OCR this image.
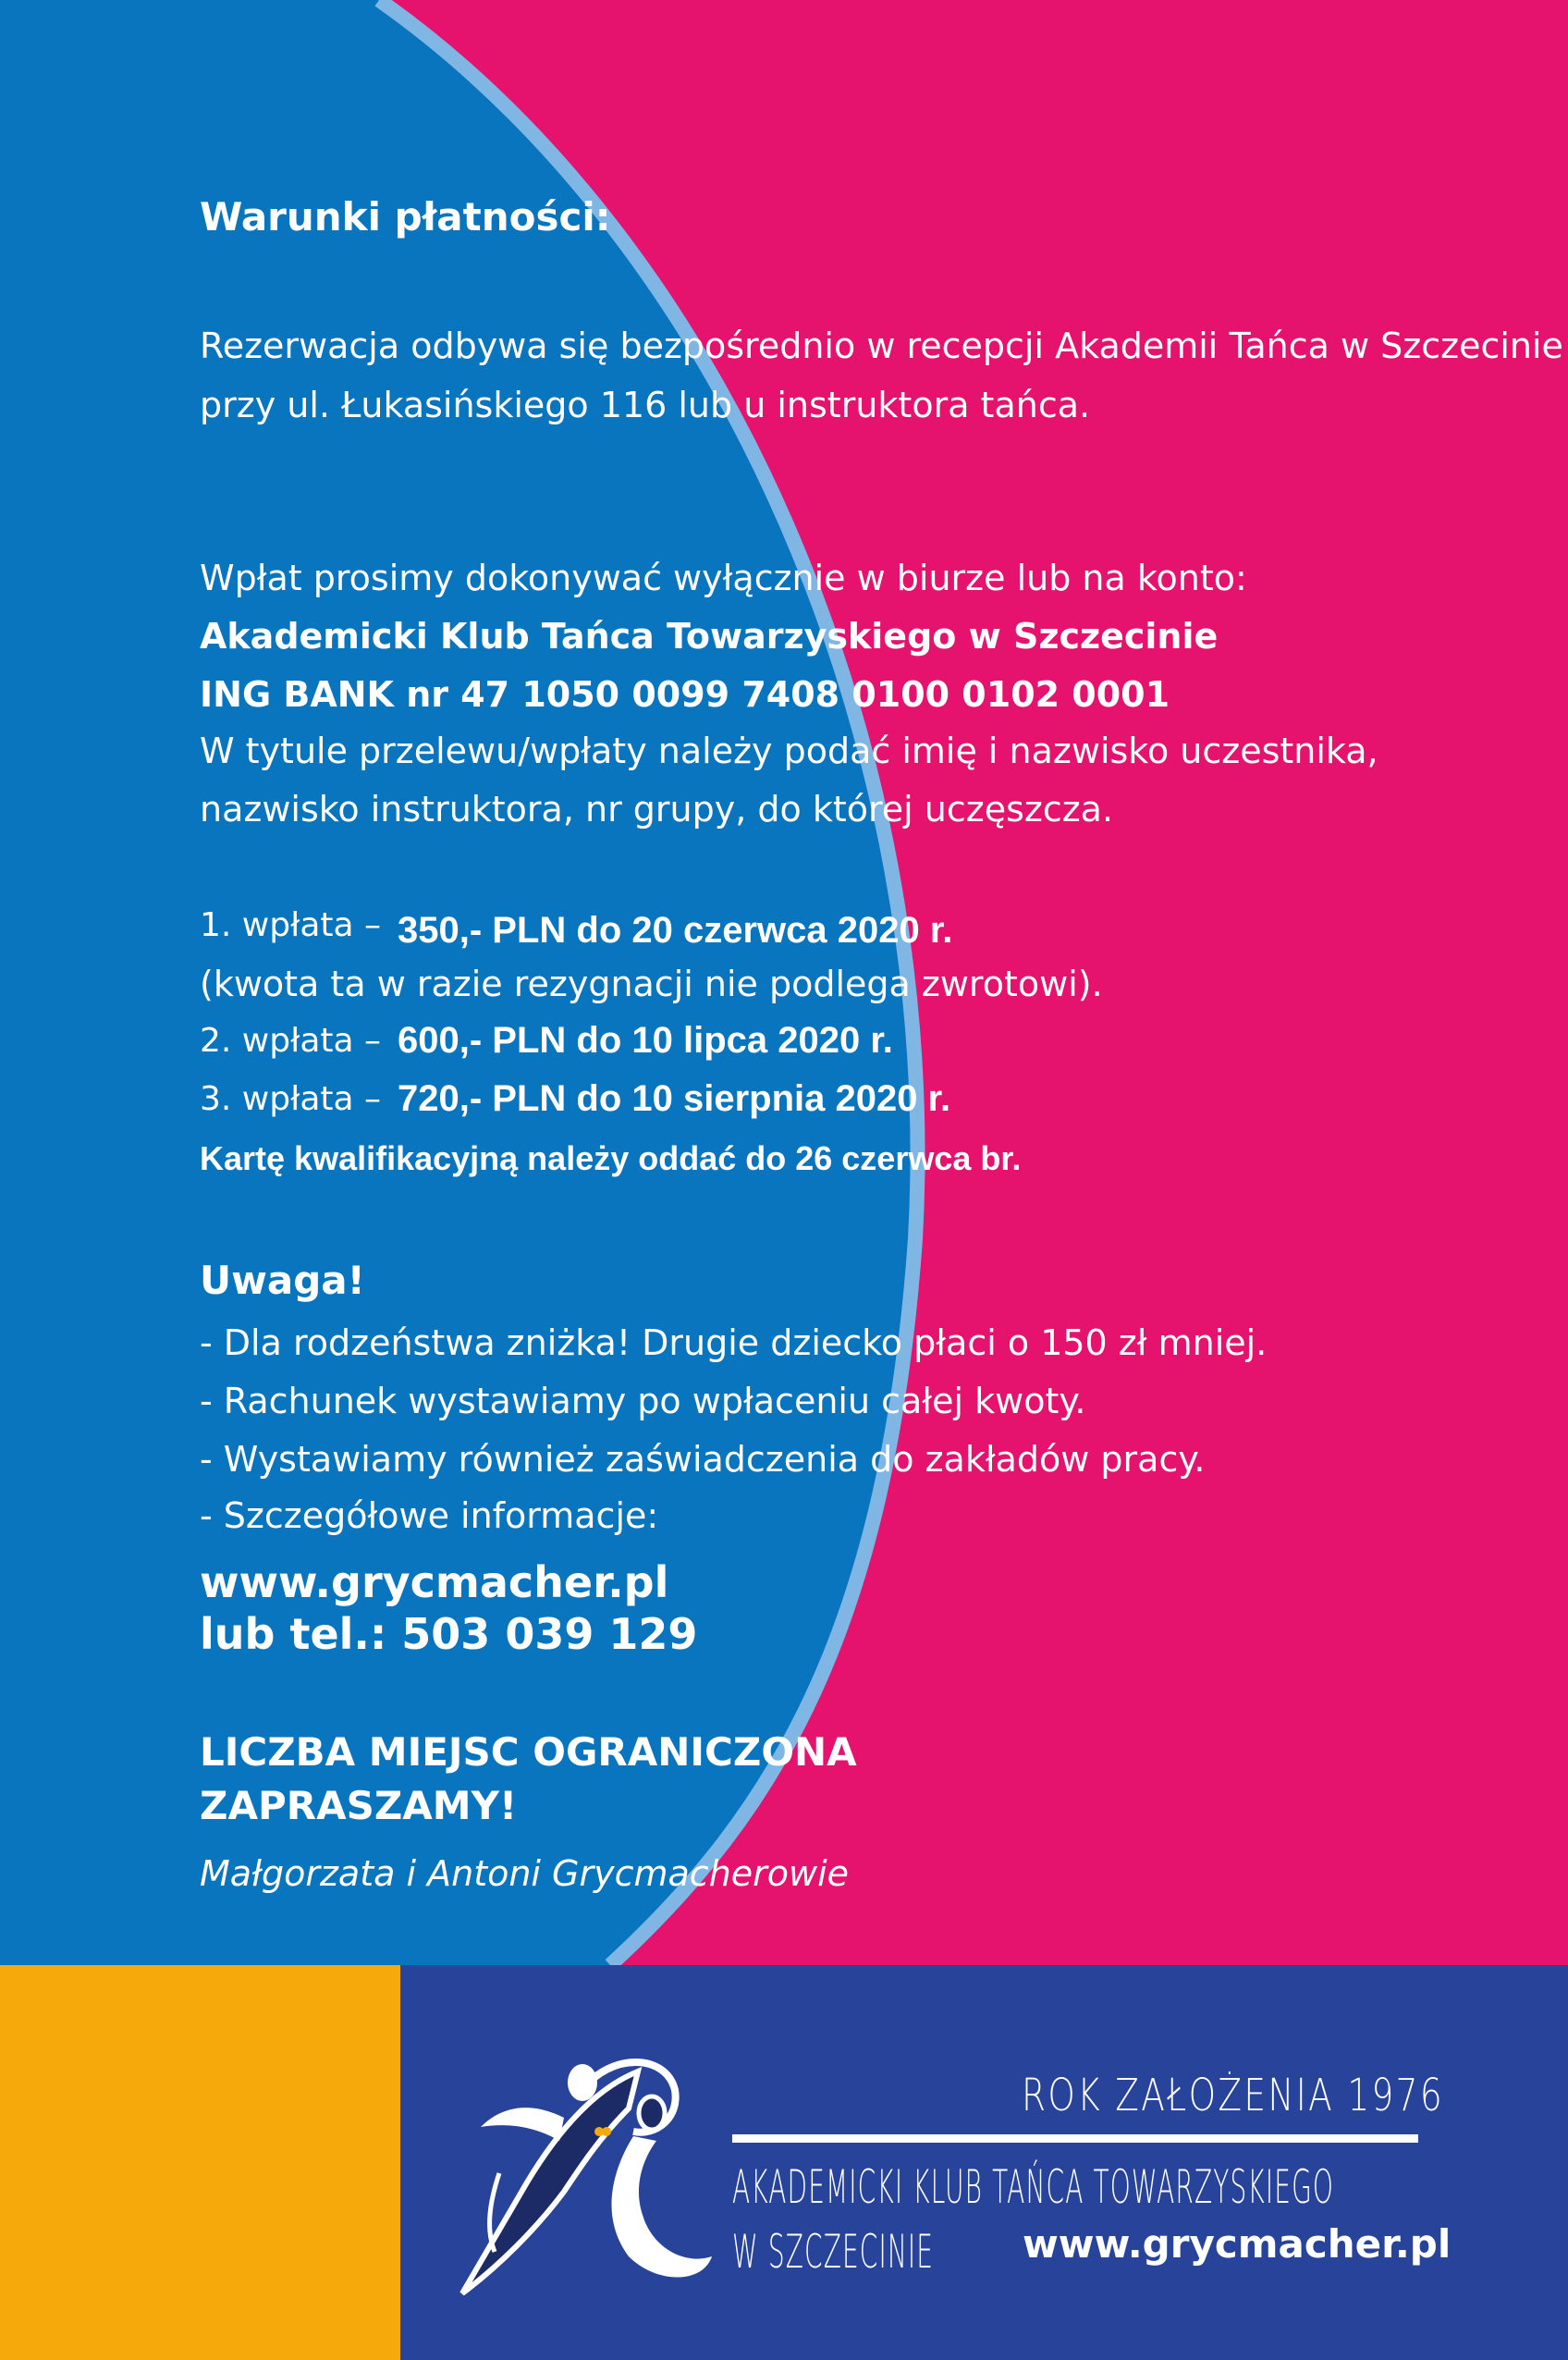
Warunki płatności:
Rezerwacja odbywa się bezpośrednio w recepcji Akademii Tańca w Szczecinie
przy ul. Łukasińskiego 116 lub u instruktora tańca.
Wpłat prosimy dokonywać wyłącznie w biurze lub na konto:
Akademicki Klub Tańca Towarzyskiego w Szczecinie
ING BANK nr 47 1050 0099 7408 0100 0102 0001
W tytule przelewu/wpłaty należy podać imię i nazwisko uczestnika,
nazwisko instruktora, nr grupy, do której uczęszcza.
1. wpłata – 350,- PLN do 20 czerwca 2020 r.
(kwota ta w razie rezygnacji nie podlega zwrotowi).
2. wpłata – 600,- PLN do 10 lipca 2020 r.
3. wpłata – 720,- PLN do 10 sierpnia 2020 r.
Kartę kwalifikacyjną należy oddać do 26 czerwca br.
Uwaga!
- Dla rodzeństwa zniżka! Drugie dziecko płaci o 150 zł mniej.
- Rachunek wystawiamy po wpłaceniu całej kwoty.
- Wystawiamy również zaświadczenia do zakładów pracy.
- Szczegółowe informacje:
www.grycmacher.pl
lub tel.: 503 039 129
LICZBA MIEJSC OGRANICZONA
ZAPRASZAMY!
Małgorzata i Antoni Grycmacherowie
ROK ZAŁOŻENIA 1976
AKADEMICKI KLUB TAŃCA TOWARZYSKIEGO
W SZCZECINIE www.grycmacher.pl
